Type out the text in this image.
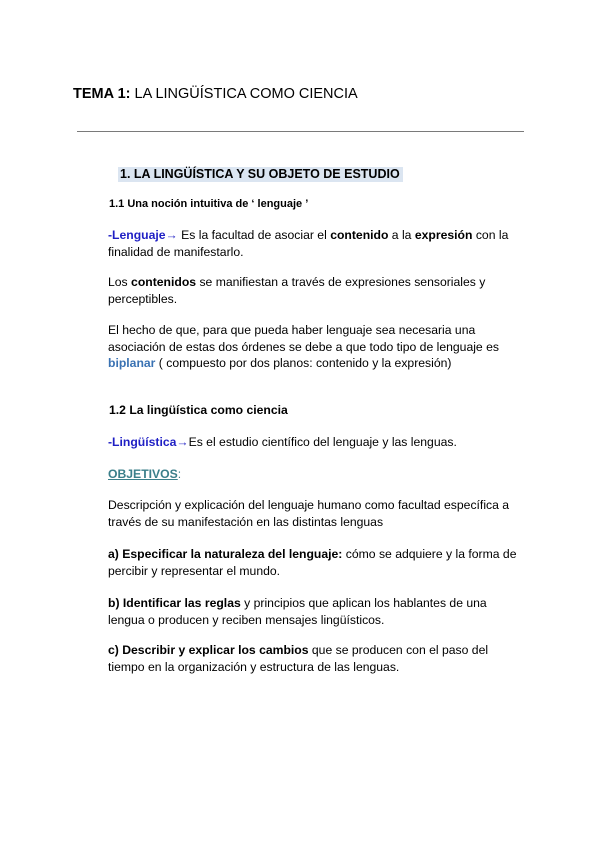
TEMA 1: LA LINGÜÍSTICA COMO CIENCIA
1. LA LINGÜÍSTICA Y SU OBJETO DE ESTUDIO
1.1 Una noción intuitiva de ‘ lenguaje ’
-Lenguaje→ Es la facultad de asociar el contenido a la expresión con la finalidad de manifestarlo.
Los contenidos se manifiestan a través de expresiones sensoriales y perceptibles.
El hecho de que, para que pueda haber lenguaje sea necesaria una asociación de estas dos órdenes se debe a que todo tipo de lenguaje es biplanar ( compuesto por dos planos: contenido y la expresión)
1.2 La lingüística como ciencia
-Lingüística→Es el estudio científico del lenguaje y las lenguas.
OBJETIVOS:
Descripción y explicación del lenguaje humano como facultad específica a través de su manifestación en las distintas lenguas
a) Especificar la naturaleza del lenguaje: cómo se adquiere y la forma de percibir y representar el mundo.
b) Identificar las reglas y principios que aplican los hablantes de una lengua o producen y reciben mensajes lingüísticos.
c) Describir y explicar los cambios que se producen con el paso del tiempo en la organización y estructura de las lenguas.
